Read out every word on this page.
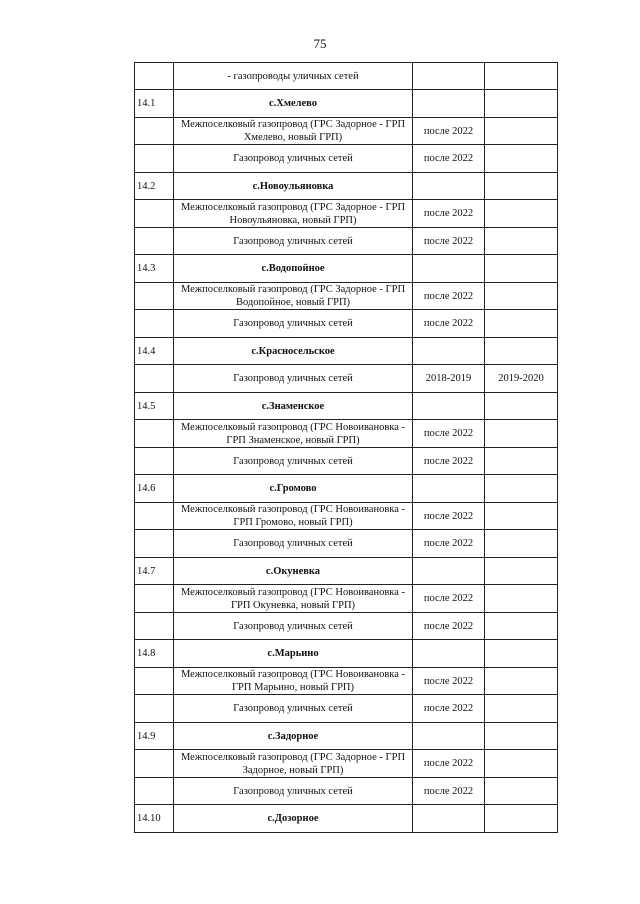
75
	- газопроводы уличных сетей		
14.1	с.Хмелево		
	Межпоселковый газопровод (ГРС Задорное - ГРП Хмелево, новый ГРП)	после 2022	
	Газопровод уличных сетей	после 2022	
14.2	с.Новоульяновка		
	Межпоселковый газопровод (ГРС Задорное - ГРП Новоульяновка, новый ГРП)	после 2022	
	Газопровод уличных сетей	после 2022	
14.3	с.Водопойное		
	Межпоселковый газопровод (ГРС Задорное - ГРП Водопойное, новый ГРП)	после 2022	
	Газопровод уличных сетей	после 2022	
14.4	с.Красносельское		
	Газопровод уличных сетей	2018-2019	2019-2020
14.5	с.Знаменское		
	Межпоселковый газопровод (ГРС Новоивановка - ГРП Знаменское, новый ГРП)	после 2022	
	Газопровод уличных сетей	после 2022	
14.6	с.Громово		
	Межпоселковый газопровод (ГРС Новоивановка - ГРП Громово, новый ГРП)	после 2022	
	Газопровод уличных сетей	после 2022	
14.7	с.Окуневка		
	Межпоселковый газопровод (ГРС Новоивановка - ГРП Окуневка, новый ГРП)	после 2022	
	Газопровод уличных сетей	после 2022	
14.8	с.Марьино		
	Межпоселковый газопровод (ГРС Новоивановка - ГРП Марьино, новый ГРП)	после 2022	
	Газопровод уличных сетей	после 2022	
14.9	с.Задорное		
	Межпоселковый газопровод (ГРС Задорное - ГРП Задорное, новый ГРП)	после 2022	
	Газопровод уличных сетей	после 2022	
14.10	с.Дозорное		
